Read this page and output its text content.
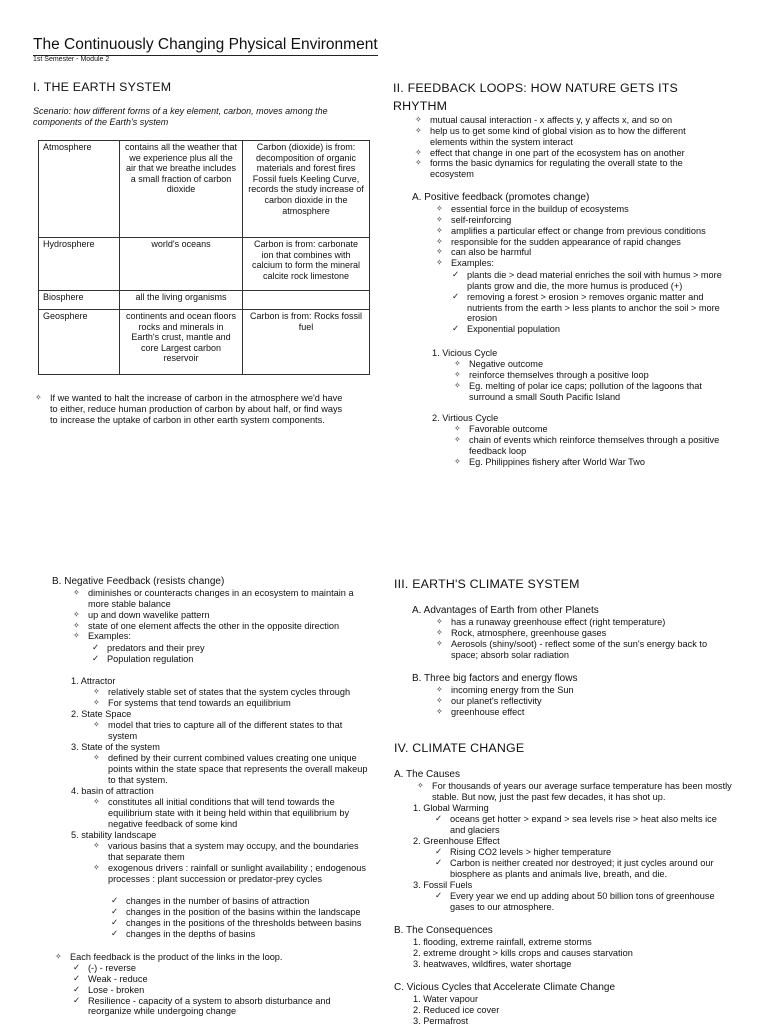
The Continuously Changing Physical Environment
1st Semester - Module 2
I. THE EARTH SYSTEM
Scenario: how different forms of a key element, carbon, moves among the components of the Earth's system
Atmosphere	contains all the weather that we experience plus all the air that we breathe includes a small fraction of carbon dioxide	Carbon (dioxide) is from: decomposition of organic materials and forest fires Fossil fuels Keeling Curve, records the study increase of carbon dioxide in the atmosphere
Hydrosphere	world's oceans	Carbon is from: carbonate ion that combines with calcium to form the mineral calcite rock limestone
Biosphere	all the living organisms	
Geosphere	continents and ocean floors rocks and minerals in Earth's crust, mantle and core Largest carbon reservoir	Carbon is from: Rocks fossil fuel
✧ If we wanted to halt the increase of carbon in the atmosphere we'd have to either, reduce human production of carbon by about half, or find ways to increase the uptake of carbon in other earth system components.
II. FEEDBACK LOOPS: HOW NATURE GETS ITS RHYTHM
✧ mutual causal interaction - x affects y, y affects x, and so on
✧ help us to get some kind of global vision as to how the different elements within the system interact
✧ effect that change in one part of the ecosystem has on another
✧ forms the basic dynamics for regulating the overall state to the ecosystem
A. Positive feedback (promotes change)
✧ essential force in the buildup of ecosystems
✧ self-reinforcing
✧ amplifies a particular effect or change from previous conditions
✧ responsible for the sudden appearance of rapid changes
✧ can also be harmful
✧ Examples:
✓ plants die > dead material enriches the soil with humus > more plants grow and die, the more humus is produced (+)
✓ removing a forest > erosion > removes organic matter and nutrients from the earth > less plants to anchor the soil > more erosion
✓ Exponential population
1. Vicious Cycle
✧ Negative outcome
✧ reinforce themselves through a positive loop
✧ Eg. melting of polar ice caps; pollution of the lagoons that surround a small South Pacific Island
2. Virtious Cycle
✧ Favorable outcome
✧ chain of events which reinforce themselves through a positive feedback loop
✧ Eg. Philippines fishery after World War Two
B. Negative Feedback (resists change)
✧ diminishes or counteracts changes in an ecosystem to maintain a more stable balance
✧ up and down wavelike pattern
✧ state of one element affects the other in the opposite direction
✧ Examples:
✓ predators and their prey
✓ Population regulation
1. Attractor
✧ relatively stable set of states that the system cycles through
✧ For systems that tend towards an equilibrium
2. State Space
✧ model that tries to capture all of the different states to that system
3. State of the system
✧ defined by their current combined values creating one unique points within the state space that represents the overall makeup to that system.
4. basin of attraction
✧ constitutes all initial conditions that will tend towards the equilibrium state with it being held within that equilibrium by negative feedback of some kind
5. stability landscape
✧ various basins that a system may occupy, and the boundaries that separate them
✧ exogenous drivers : rainfall or sunlight availability ; endogenous processes : plant succession or predator-prey cycles
✓ changes in the number of basins of attraction
✓ changes in the position of the basins within the landscape
✓ changes in the positions of the thresholds between basins
✓ changes in the depths of basins
✧ Each feedback is the product of the links in the loop.
✓ (-) - reverse
✓ Weak - reduce
✓ Lose - broken
✓ Resilience - capacity of a system to absorb disturbance and reorganize while undergoing change
III. EARTH'S CLIMATE SYSTEM
A. Advantages of Earth from other Planets
✧ has a runaway greenhouse effect (right temperature)
✧ Rock, atmosphere, greenhouse gases
✧ Aerosols (shiny/soot) - reflect some of the sun's energy back to space; absorb solar radiation
B. Three big factors and energy flows
✧ incoming energy from the Sun
✧ our planet's reflectivity
✧ greenhouse effect
IV. CLIMATE CHANGE
A. The Causes
✧ For thousands of years our average surface temperature has been mostly stable. But now, just the past few decades, it has shot up.
1. Global Warming
✓ oceans get hotter > expand > sea levels rise > heat also melts ice and glaciers
2. Greenhouse Effect
✓ Rising CO2 levels > higher temperature
✓ Carbon is neither created nor destroyed; it just cycles around our biosphere as plants and animals live, breath, and die.
3. Fossil Fuels
✓ Every year we end up adding about 50 billion tons of greenhouse gases to our atmosphere.
B. The Consequences
1. flooding, extreme rainfall, extreme storms
2. extreme drought > kills crops and causes starvation
3. heatwaves, wildfires, water shortage
C. Vicious Cycles that Accelerate Climate Change
1. Water vapour
2. Reduced ice cover
3. Permafrost
